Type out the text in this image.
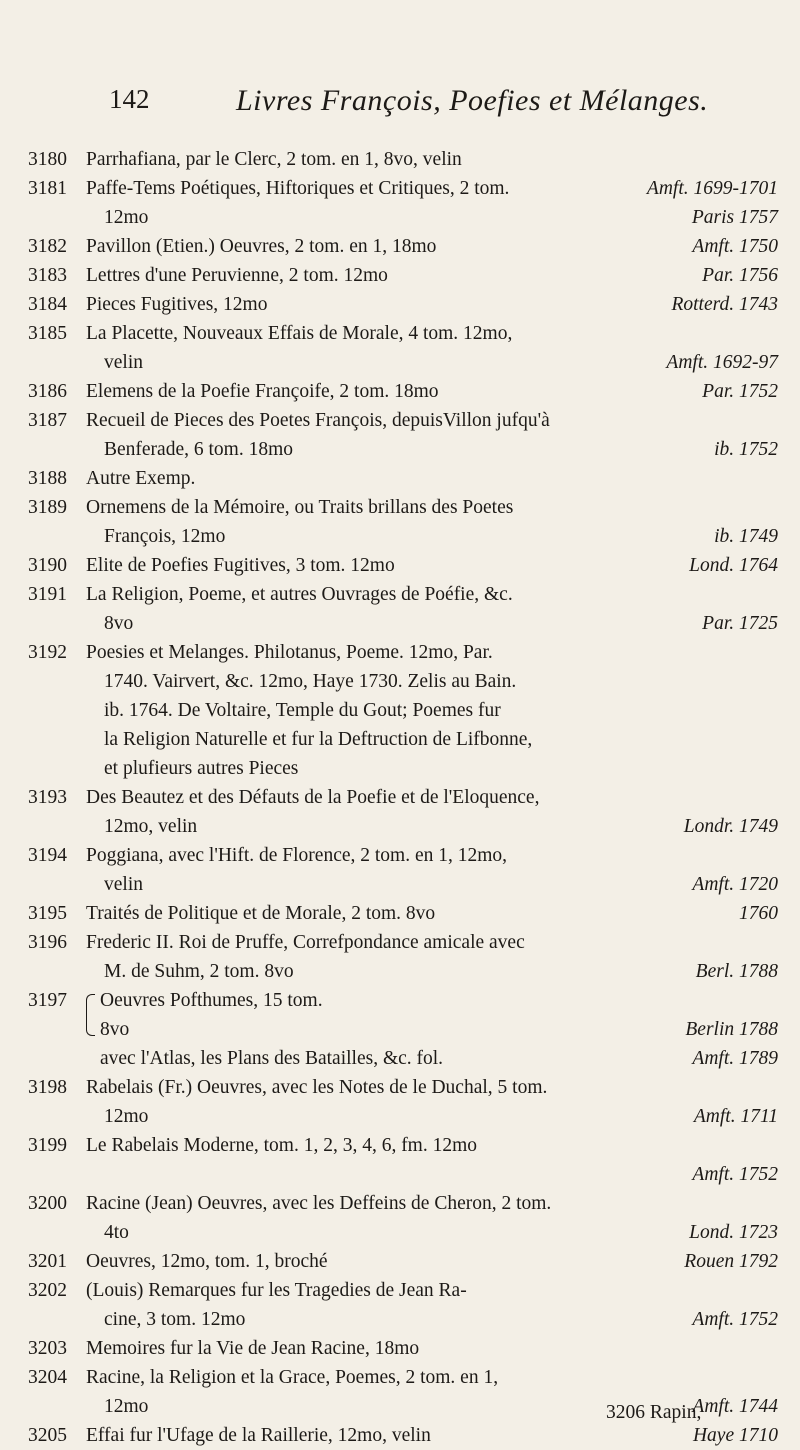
142	Livres François, Poefies et Mélanges.
3180 Parrhafiana, par le Clerc, 2 tom. en 1, 8vo, velin
3181 Paffe-Tems Poétiques, Hiftoriques et Critiques, 2 tom.	Amft. 1699-1701
12mo	Paris 1757
3182 Pavillon (Etien.) Oeuvres, 2 tom. en 1, 18mo	Amft. 1750
3183 Lettres d'une Peruvienne, 2 tom. 12mo	Par. 1756
3184 Pieces Fugitives, 12mo	Rotterd. 1743
3185 La Placette, Nouveaux Effais de Morale, 4 tom. 12mo,
velin	Amft. 1692-97
3186 Elemens de la Poefie Françoife, 2 tom. 18mo	Par. 1752
3187 Recueil de Pieces des Poetes François, depuisVillon jufqu'à
Benferade, 6 tom. 18mo	ib. 1752
3188 Autre Exemp.
3189 Ornemens de la Mémoire, ou Traits brillans des Poetes
François, 12mo	ib. 1749
3190 Elite de Poefies Fugitives, 3 tom. 12mo	Lond. 1764
3191 La Religion, Poeme, et autres Ouvrages de Poéfie, &c.
8vo	Par. 1725
3192 Poesies et Melanges. Philotanus, Poeme. 12mo, Par.
1740. Vairvert, &c. 12mo, Haye 1730. Zelis au Bain.
ib. 1764. De Voltaire, Temple du Gout; Poemes fur
la Religion Naturelle et fur la Deftruction de Lifbonne,
et plufieurs autres Pieces
3193 Des Beautez et des Défauts de la Poefie et de l'Eloquence,
12mo, velin	Londr. 1749
3194 Poggiana, avec l'Hift. de Florence, 2 tom. en 1, 12mo,
velin	Amft. 1720
3195 Traités de Politique et de Morale, 2 tom. 8vo	1760
3196 Frederic II. Roi de Pruffe, Correfpondance amicale avec
M. de Suhm, 2 tom. 8vo	Berl. 1788
3197	Oeuvres Pofthumes, 15 tom.
8vo	Berlin 1788
avec l'Atlas, les Plans des Batailles, &c. fol.	Amft. 1789
3198 Rabelais (Fr.) Oeuvres, avec les Notes de le Duchal, 5 tom.
12mo	Amft. 1711
3199 Le Rabelais Moderne, tom. 1, 2, 3, 4, 6, fm. 12mo
Amft. 1752
3200 Racine (Jean) Oeuvres, avec les Deffeins de Cheron, 2 tom.
4to	Lond. 1723
3201 Oeuvres, 12mo, tom. 1, broché	Rouen 1792
3202 (Louis) Remarques fur les Tragedies de Jean Ra-
cine, 3 tom. 12mo	Amft. 1752
3203 Memoires fur la Vie de Jean Racine, 18mo
3204 Racine, la Religion et la Grace, Poemes, 2 tom. en 1,
12mo	Amft. 1744
3205 Effai fur l'Ufage de la Raillerie, 12mo, velin	Haye 1710
3206 Rapin,
